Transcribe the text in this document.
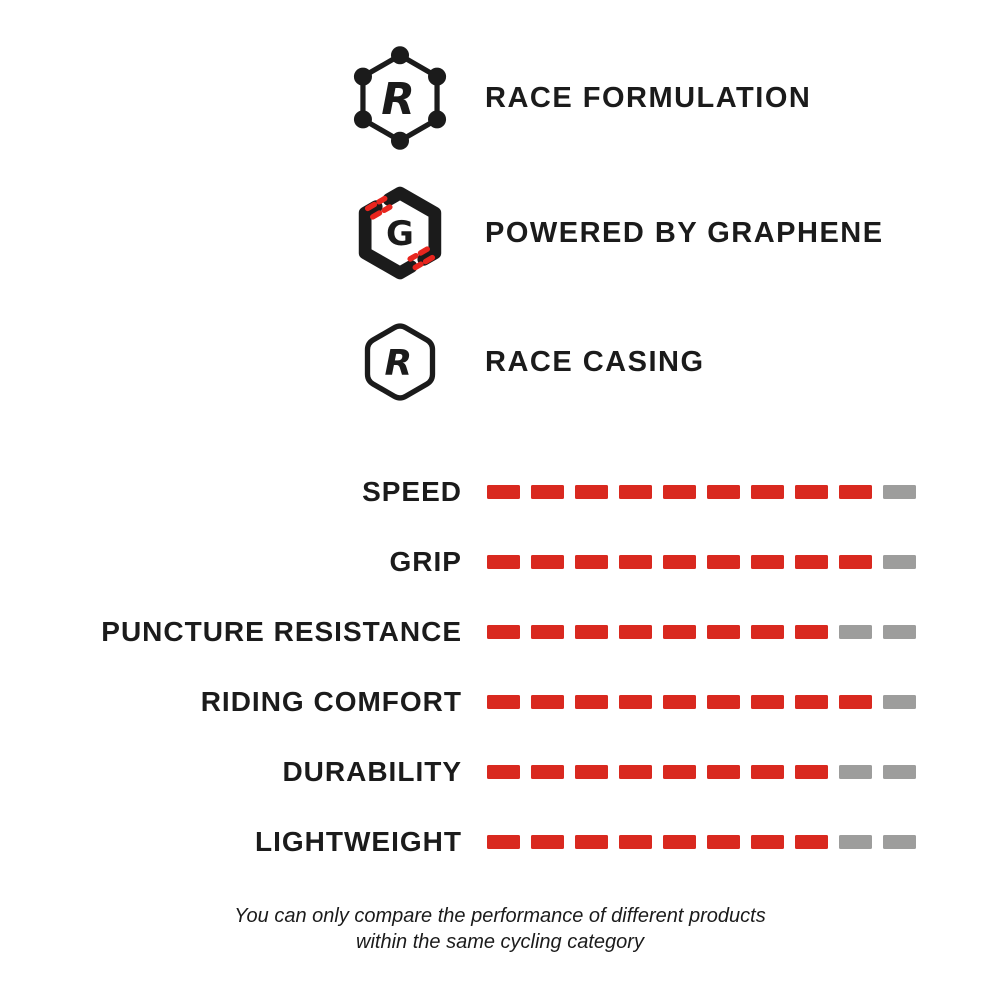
R RACE FORMULATION
G POWERED BY GRAPHENE
R	RACE CASING
SPEED
GRIP
PUNCTURE RESISTANCE
RIDING COMFORT
DURABILITY
LIGHTWEIGHT

You can only compare the performance of different products
within the same cycling category
